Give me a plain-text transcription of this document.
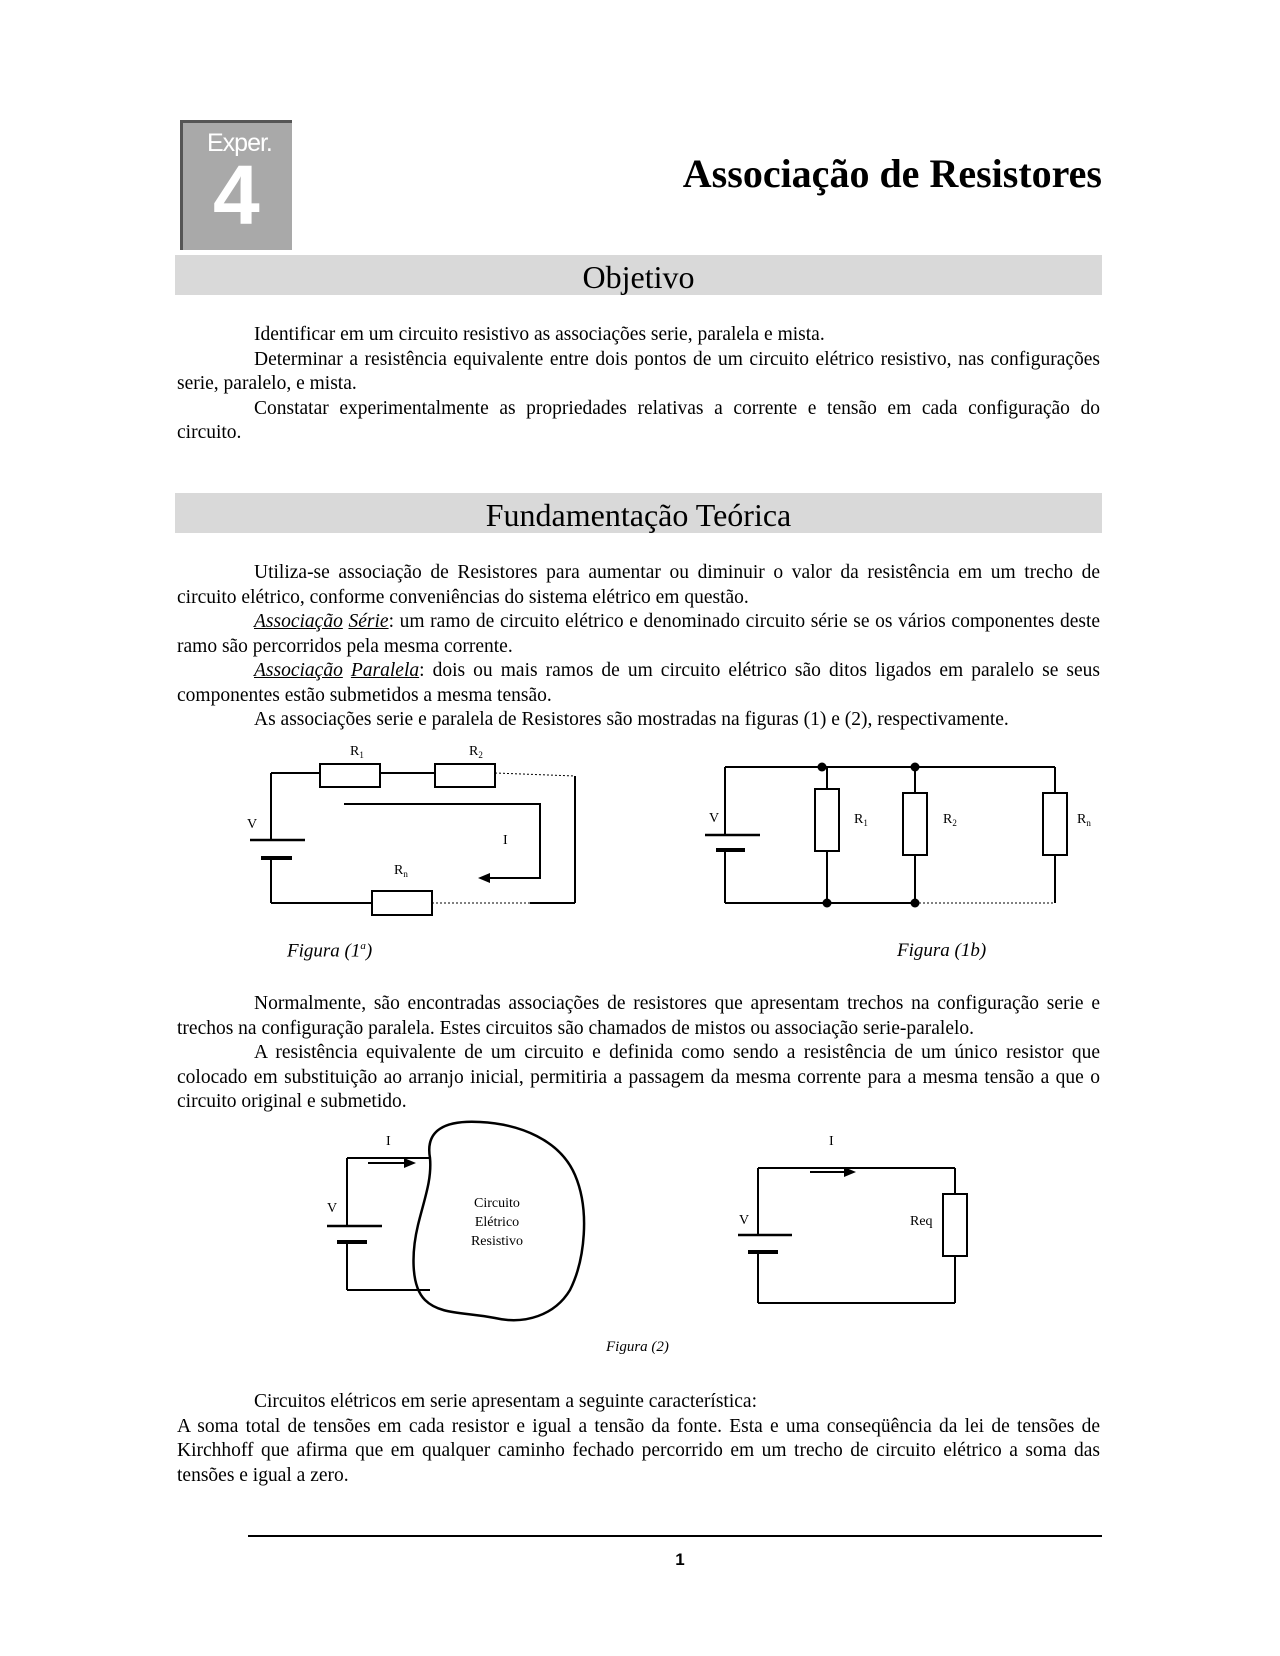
Exper.
4	Associação de Resistores
Objetivo

Identificar em um circuito resistivo as associações serie, paralela e mista.

Determinar a resistência equivalente entre dois pontos de um circuito elétrico resistivo, nas configurações serie, paralelo, e mista.

Constatar experimentalmente as propriedades relativas a corrente e tensão em cada configuração do circuito.

Fundamentação Teórica

Utiliza-se associação de Resistores para aumentar ou diminuir o valor da resistência em um trecho de circuito elétrico, conforme conveniências do sistema elétrico em questão.

Associação Série: um ramo de circuito elétrico e denominado circuito série se os vários componentes deste ramo são percorridos pela mesma corrente.

Associação Paralela: dois ou mais ramos de um circuito elétrico são ditos ligados em paralelo se seus componentes estão submetidos a mesma tensão.

As associações serie e paralela de Resistores são mostradas na figuras (1) e (2), respectivamente.

$R_1$	$R_2$
V
I
$R_n$
V	$R_1$	$R_2$	$R_n$
Figura (1$^a$)	Figura (1b)

Normalmente, são encontradas associações de resistores que apresentam trechos na configuração serie e trechos na configuração paralela. Estes circuitos são chamados de mistos ou associação serie-paralelo.

A resistência equivalente de um circuito e definida como sendo a resistência de um único resistor que colocado em substituição ao arranjo inicial, permitiria a passagem da mesma corrente para a mesma tensão a que o circuito original e submetido.

I
V	Circuito
Elétrico
Resistivo
I
V	Req
Figura (2)

Circuitos elétricos em serie apresentam a seguinte característica:

A soma total de tensões em cada resistor e igual a tensão da fonte. Esta e uma conseqüência da lei de tensões de Kirchhoff que afirma que em qualquer caminho fechado percorrido em um trecho de circuito elétrico a soma das tensões e igual a zero.

1
